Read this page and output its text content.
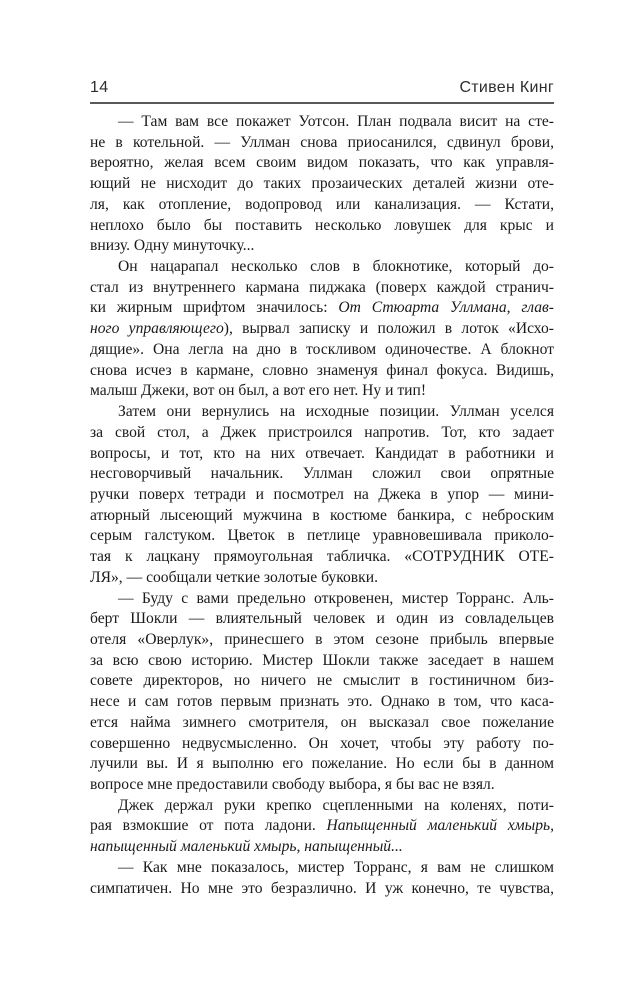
14	Стивен Кинг
— Там вам все покажет Уотсон. План подвала висит на сте-
не в котельной. — Уллман снова приосанился, сдвинул брови,
вероятно, желая всем своим видом показать, что как управля-
ющий не нисходит до таких прозаических деталей жизни оте-
ля, как отопление, водопровод или канализация. — Кстати,
неплохо было бы поставить несколько ловушек для крыс и
внизу. Одну минуточку...
Он нацарапал несколько слов в блокнотике, который до-
стал из внутреннего кармана пиджака (поверх каждой странич-
ки жирным шрифтом значилось: От Стюарта Уллмана, глав-
ного управляющего), вырвал записку и положил в лоток «Исхо-
дящие». Она легла на дно в тоскливом одиночестве. А блокнот
снова исчез в кармане, словно знаменуя финал фокуса. Видишь,
малыш Джеки, вот он был, а вот его нет. Ну и тип!
Затем они вернулись на исходные позиции. Уллман уселся
за свой стол, а Джек пристроился напротив. Тот, кто задает
вопросы, и тот, кто на них отвечает. Кандидат в работники и
несговорчивый начальник. Уллман сложил свои опрятные
ручки поверх тетради и посмотрел на Джека в упор — мини-
атюрный лысеющий мужчина в костюме банкира, с неброским
серым галстуком. Цветок в петлице уравновешивала приколо-
тая к лацкану прямоугольная табличка. «СОТРУДНИК ОТЕ-
ЛЯ», — сообщали четкие золотые буковки.
— Буду с вами предельно откровенен, мистер Торранс. Аль-
берт Шокли — влиятельный человек и один из совладельцев
отеля «Оверлук», принесшего в этом сезоне прибыль впервые
за всю свою историю. Мистер Шокли также заседает в нашем
совете директоров, но ничего не смыслит в гостиничном биз-
несе и сам готов первым признать это. Однако в том, что каса-
ется найма зимнего смотрителя, он высказал свое пожелание
совершенно недвусмысленно. Он хочет, чтобы эту работу по-
лучили вы. И я выполню его пожелание. Но если бы в данном
вопросе мне предоставили свободу выбора, я бы вас не взял.
Джек держал руки крепко сцепленными на коленях, поти-
рая взмокшие от пота ладони. Напыщенный маленький хмырь,
напыщенный маленький хмырь, напыщенный...
— Как мне показалось, мистер Торранс, я вам не слишком
симпатичен. Но мне это безразлично. И уж конечно, те чувства,
